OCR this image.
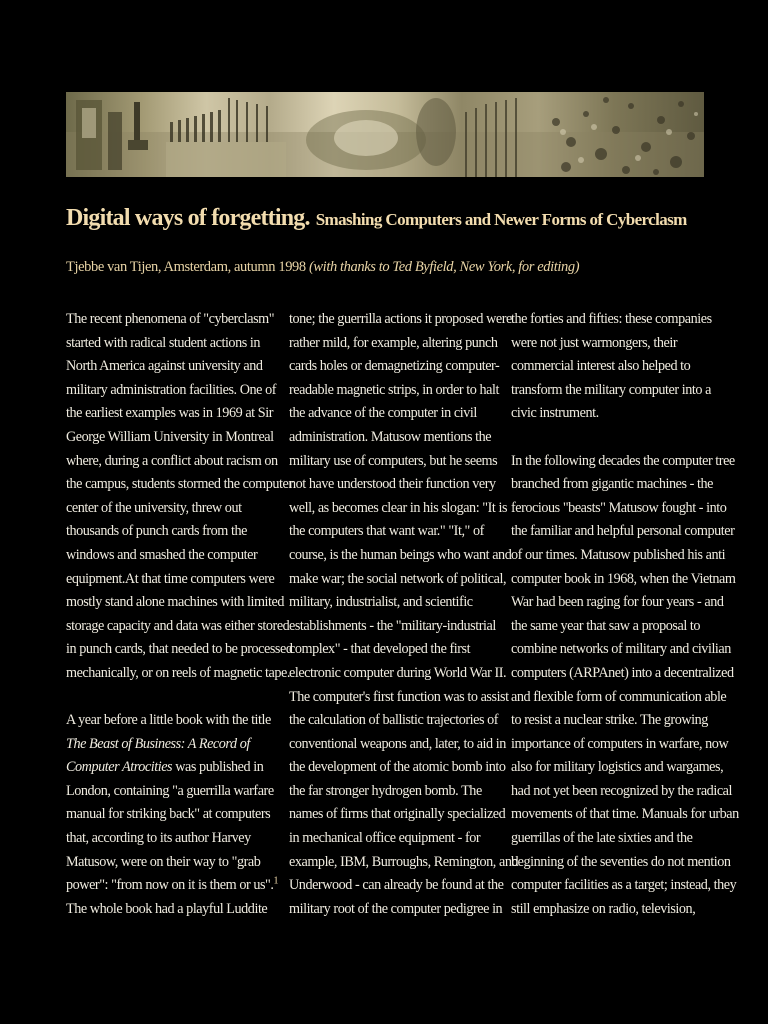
Digital ways of forgetting. Smashing Computers and Newer Forms of Cyberclasm
Tjebbe van Tijen, Amsterdam, autumn 1998 (with thanks to Ted Byfield, New York, for editing)

The recent phenomena of "cyberclasm"
started with radical student actions in
North America against university and
military administration facilities. One of
the earliest examples was in 1969 at Sir
George William University in Montreal
where, during a conflict about racism on
the campus, students stormed the computer
center of the university, threw out
thousands of punch cards from the
windows and smashed the computer
equipment.At that time computers were
mostly stand alone machines with limited
storage capacity and data was either stored
in punch cards, that needed to be processed
mechanically, or on reels of magnetic tape.

A year before a little book with the title
The Beast of Business: A Record of
Computer Atrocities was published in
London, containing "a guerrilla warfare
manual for striking back" at computers
that, according to its author Harvey
Matusow, were on their way to "grab
power": "from now on it is them or us".$^1$
The whole book had a playful Luddite

tone; the guerrilla actions it proposed were
rather mild, for example, altering punch
cards holes or demagnetizing computer-
readable magnetic strips, in order to halt
the advance of the computer in civil
administration. Matusow mentions the
military use of computers, but he seems
not have understood their function very
well, as becomes clear in his slogan: "It is
the computers that want war." "It," of
course, is the human beings who want and
make war; the social network of political,
military, industrialist, and scientific
establishments - the "military-industrial
complex" - that developed the first
electronic computer during World War II.
The computer's first function was to assist
the calculation of ballistic trajectories of
conventional weapons and, later, to aid in
the development of the atomic bomb into
the far stronger hydrogen bomb. The
names of firms that originally specialized
in mechanical office equipment - for
example, IBM, Burroughs, Remington, and
Underwood - can already be found at the
military root of the computer pedigree in

the forties and fifties: these companies
were not just warmongers, their
commercial interest also helped to
transform the military computer into a
civic instrument.

In the following decades the computer tree
branched from gigantic machines - the
ferocious "beasts" Matusow fought - into
the familiar and helpful personal computer
of our times. Matusow published his anti
computer book in 1968, when the Vietnam
War had been raging for four years - and
the same year that saw a proposal to
combine networks of military and civilian
computers (ARPAnet) into a decentralized
and flexible form of communication able
to resist a nuclear strike. The growing
importance of computers in warfare, now
also for military logistics and wargames,
had not yet been recognized by the radical
movements of that time. Manuals for urban
guerrillas of the late sixties and the
beginning of the seventies do not mention
computer facilities as a target; instead, they
still emphasize on radio, television,
